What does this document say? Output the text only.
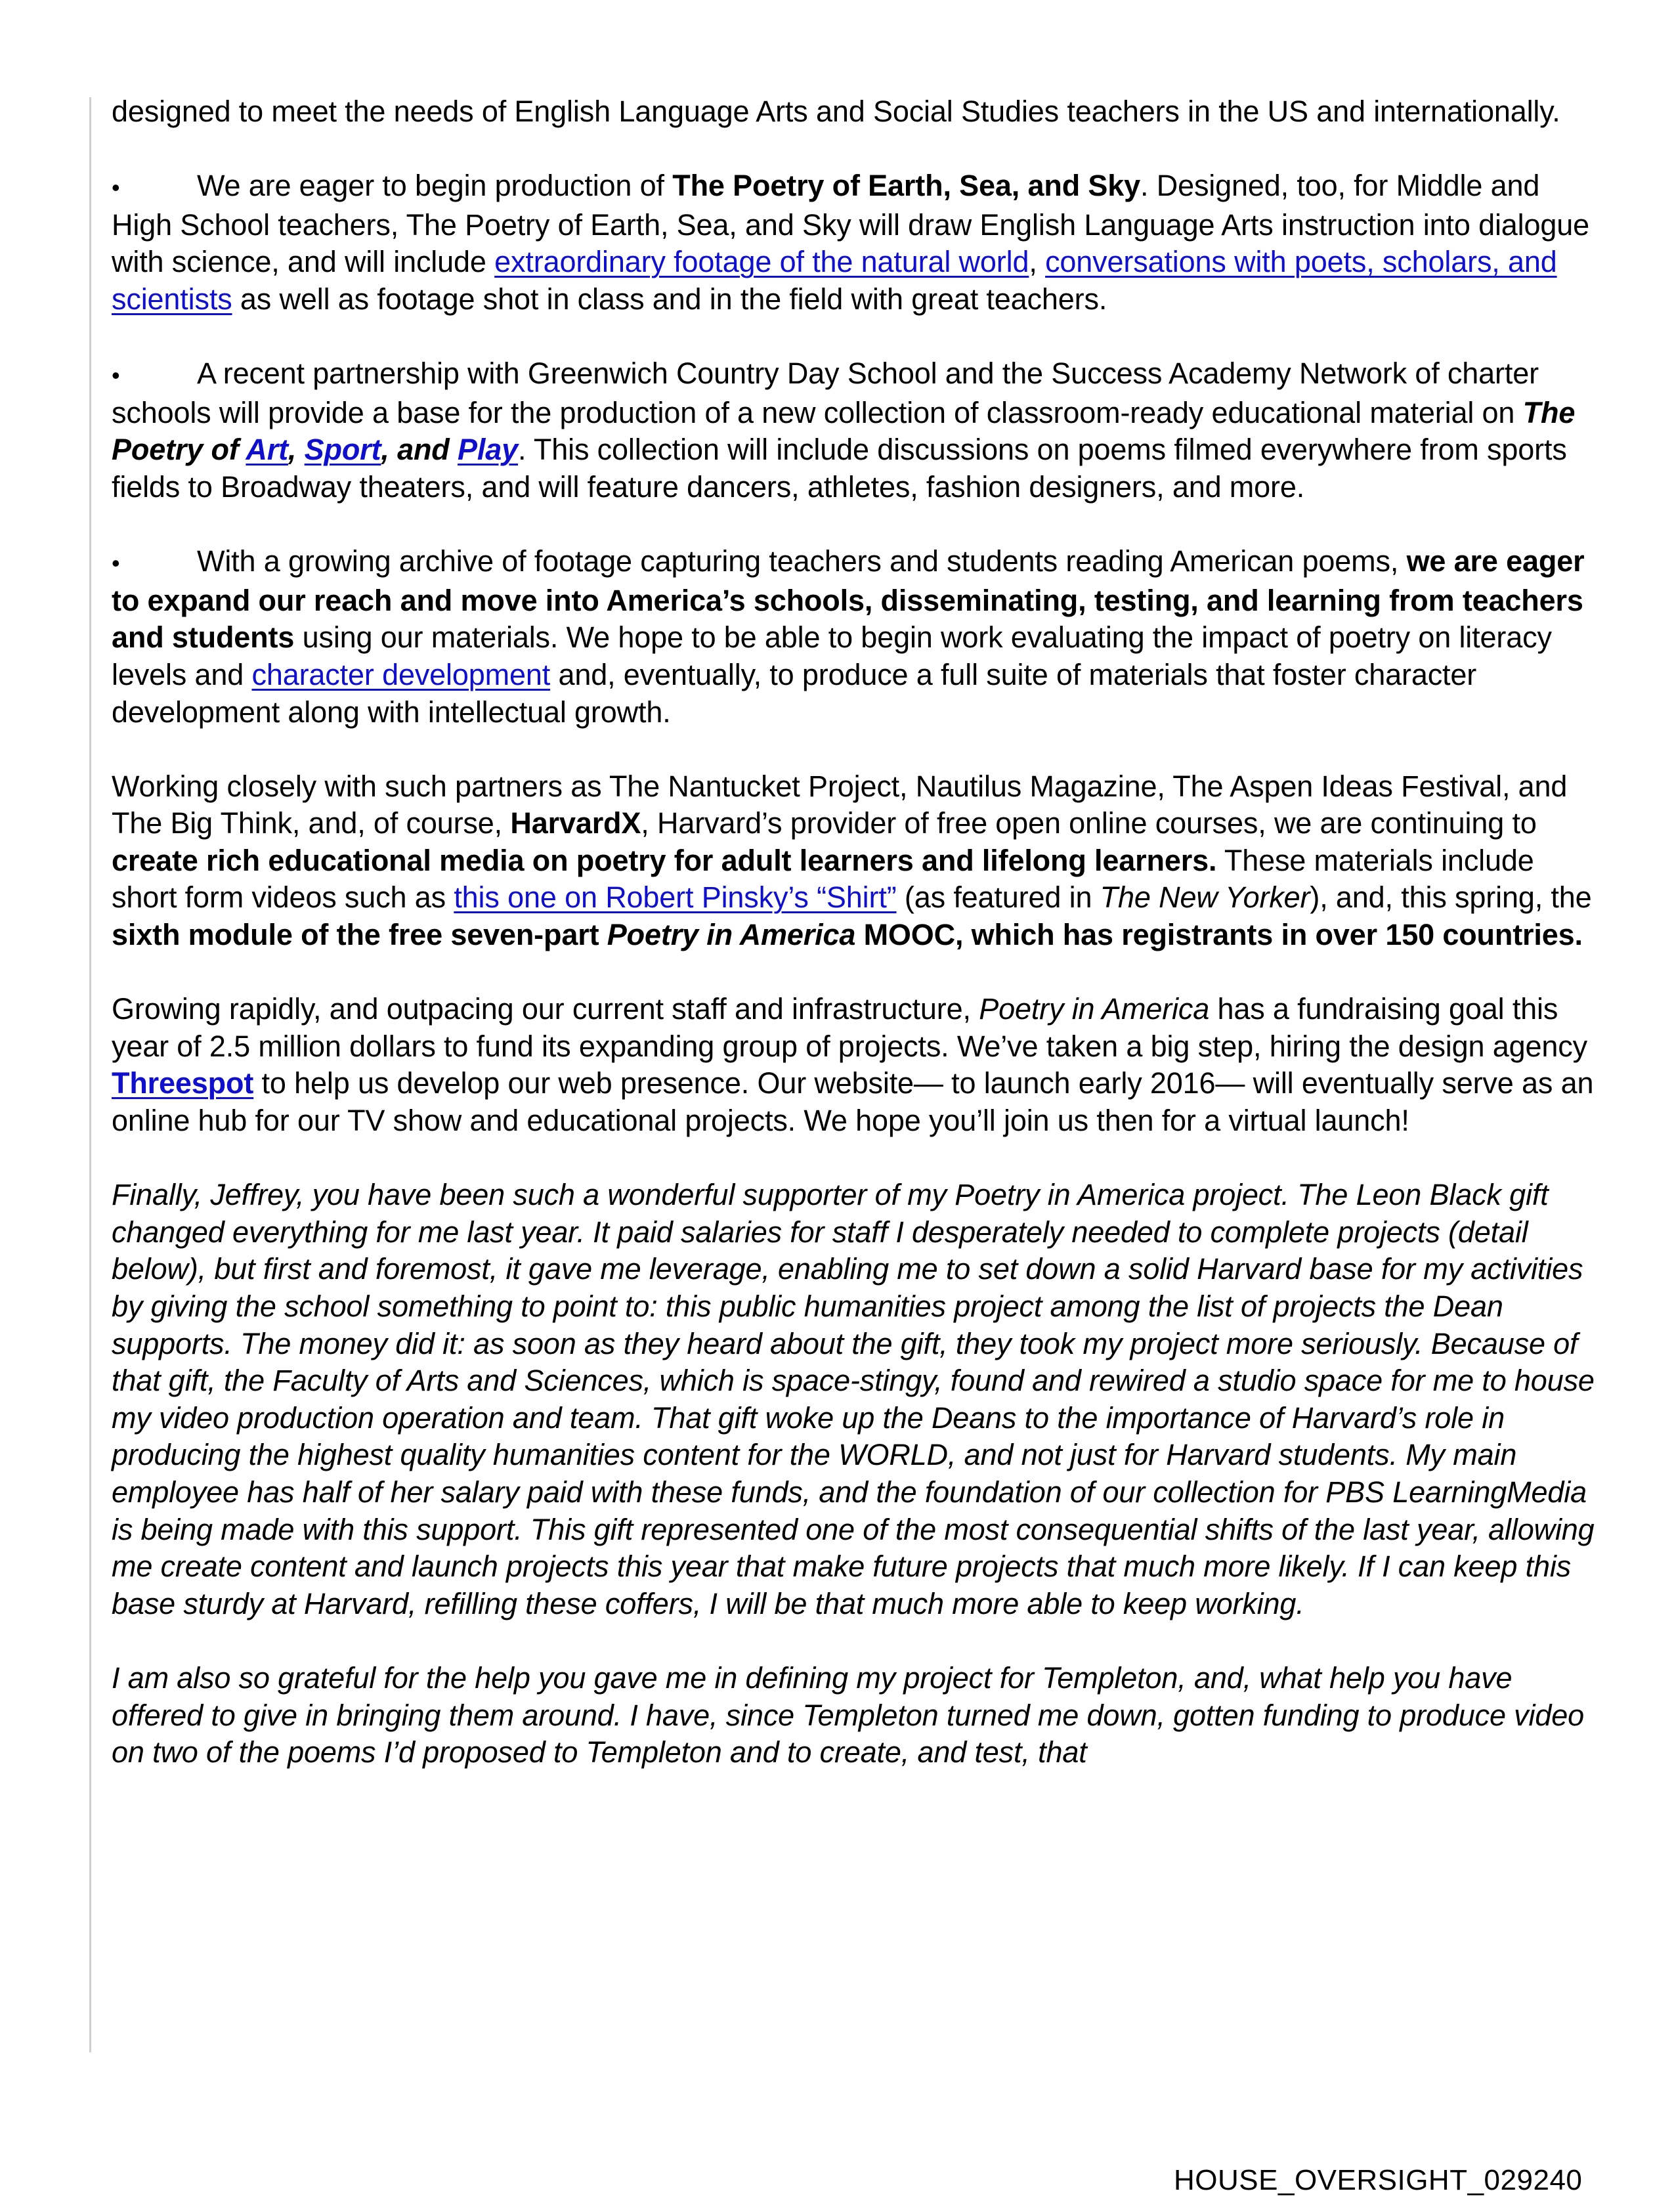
designed to meet the needs of English Language Arts and Social Studies teachers in the US and internationally.

•	We are eager to begin production of The Poetry of Earth, Sea, and Sky. Designed, too, for Middle and High School teachers, The Poetry of Earth, Sea, and Sky will draw English Language Arts instruction into dialogue with science, and will include extraordinary footage of the natural world, conversations with poets, scholars, and scientists as well as footage shot in class and in the field with great teachers.

•	A recent partnership with Greenwich Country Day School and the Success Academy Network of charter schools will provide a base for the production of a new collection of classroom-ready educational material on The Poetry of Art, Sport, and Play. This collection will include discussions on poems filmed everywhere from sports fields to Broadway theaters, and will feature dancers, athletes, fashion designers, and more.

•	With a growing archive of footage capturing teachers and students reading American poems, we are eager to expand our reach and move into America’s schools, disseminating, testing, and learning from teachers and students using our materials. We hope to be able to begin work evaluating the impact of poetry on literacy levels and character development and, eventually, to produce a full suite of materials that foster character development along with intellectual growth.

Working closely with such partners as The Nantucket Project, Nautilus Magazine, The Aspen Ideas Festival, and The Big Think, and, of course, HarvardX, Harvard’s provider of free open online courses, we are continuing to create rich educational media on poetry for adult learners and lifelong learners. These materials include short form videos such as this one on Robert Pinsky’s “Shirt” (as featured in The New Yorker), and, this spring, the sixth module of the free seven-part Poetry in America MOOC, which has registrants in over 150 countries.

Growing rapidly, and outpacing our current staff and infrastructure, Poetry in America has a fundraising goal this year of 2.5 million dollars to fund its expanding group of projects. We’ve taken a big step, hiring the design agency Threespot to help us develop our web presence. Our website— to launch early 2016— will eventually serve as an online hub for our TV show and educational projects. We hope you’ll join us then for a virtual launch!

Finally, Jeffrey, you have been such a wonderful supporter of my Poetry in America project. The Leon Black gift changed everything for me last year. It paid salaries for staff I desperately needed to complete projects (detail below), but first and foremost, it gave me leverage, enabling me to set down a solid Harvard base for my activities by giving the school something to point to: this public humanities project among the list of projects the Dean supports. The money did it: as soon as they heard about the gift, they took my project more seriously. Because of that gift, the Faculty of Arts and Sciences, which is space-stingy, found and rewired a studio space for me to house my video production operation and team. That gift woke up the Deans to the importance of Harvard’s role in producing the highest quality humanities content for the WORLD, and not just for Harvard students. My main employee has half of her salary paid with these funds, and the foundation of our collection for PBS LearningMedia is being made with this support. This gift represented one of the most consequential shifts of the last year, allowing me create content and launch projects this year that make future projects that much more likely. If I can keep this base sturdy at Harvard, refilling these coffers, I will be that much more able to keep working.

I am also so grateful for the help you gave me in defining my project for Templeton, and, what help you have offered to give in bringing them around. I have, since Templeton turned me down, gotten funding to produce video on two of the poems I’d proposed to Templeton and to create, and test, that

HOUSE_OVERSIGHT_029240
